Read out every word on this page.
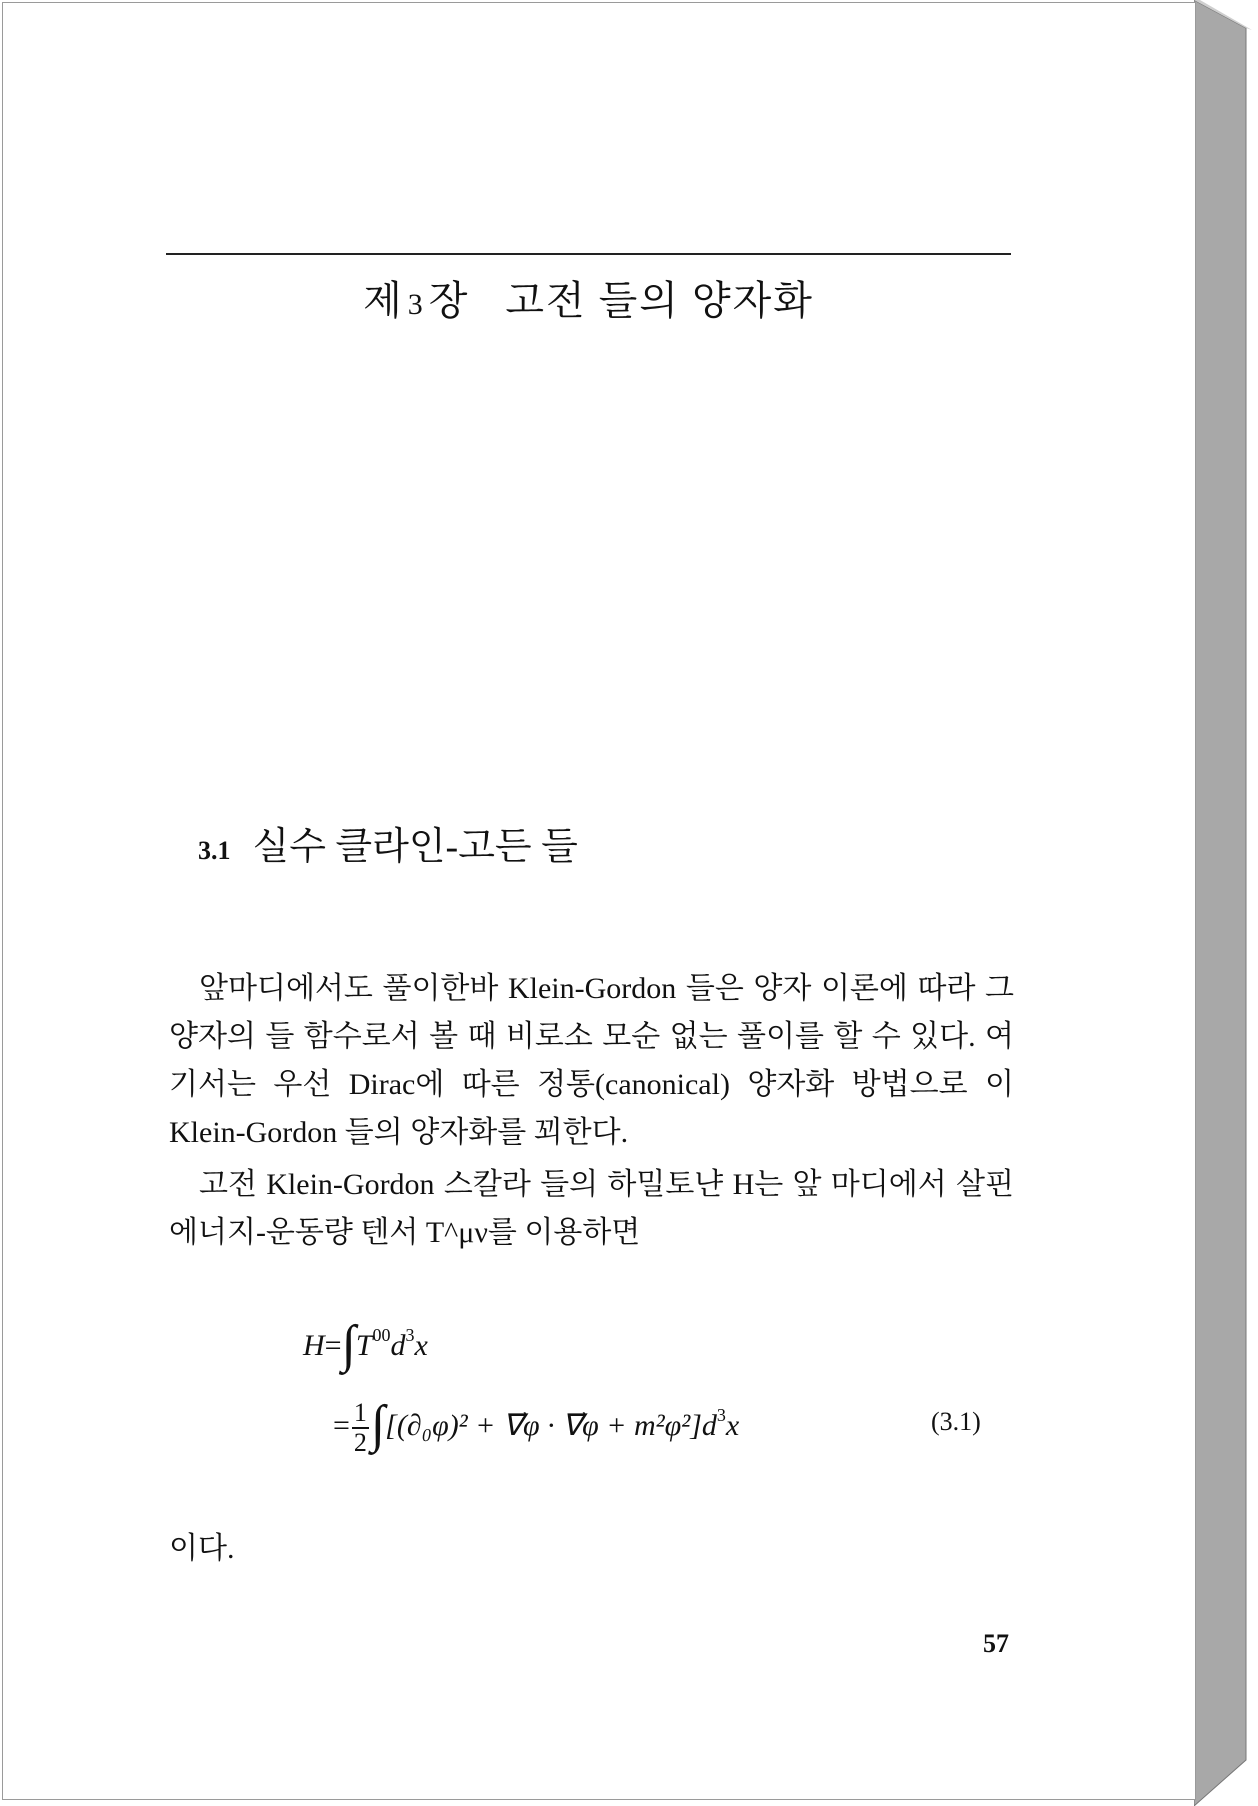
제 3 장 고전 들의 양자화
3.1 실수 클라인-고든 들
앞마디에서도 풀이한바 Klein-Gordon 들은 양자 이론에 따라 그
양자의 들 함수로서 볼 때 비로소 모순 없는 풀이를 할 수 있다. 여
기서는 우선 Dirac에 따른 정통(canonical) 양자화 방법으로 이
Klein-Gordon 들의 양자화를 꾀한다.
고전 Klein-Gordon 스칼라 들의 하밀토냔 H는 앞 마디에서 살핀
에너지-운동량 텐서 T^μν를 이용하면
$H=\int T^{00}d^3x$
= $\frac{1}{2} \int[(\partial_0\varphi)^2$ + ∇⃗φ · ∇⃗φ + $m^2\varphi^2]d^3x$	(3.1)
이다.
57
